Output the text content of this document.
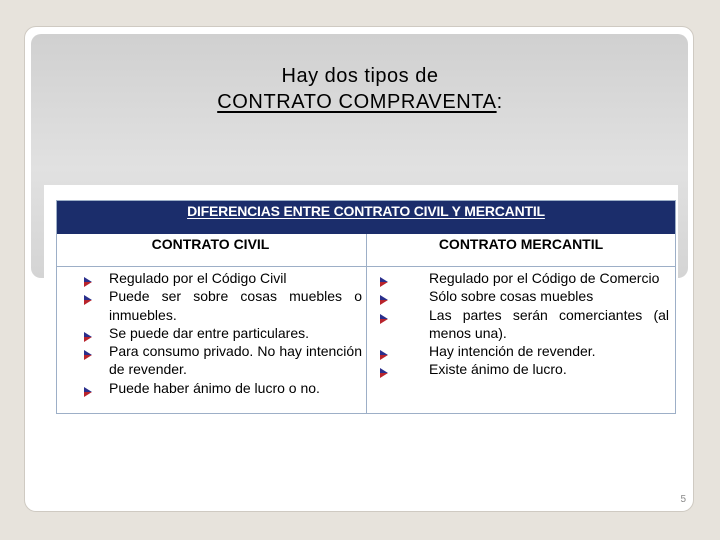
Hay dos tipos de
CONTRATO COMPRAVENTA:
DIFERENCIAS ENTRE CONTRATO CIVIL Y MERCANTIL
CONTRATO CIVIL	CONTRATO MERCANTIL
Regulado por el Código Civil
Puede ser sobre cosas muebles o inmuebles.
Se puede dar entre particulares.
Para consumo privado. No hay intención de revender.
Puede haber ánimo de lucro o no.
Regulado por el Código de Comercio
Sólo sobre cosas muebles
Las partes serán comerciantes (al menos una).
Hay intención de revender.
Existe ánimo de lucro.
5
